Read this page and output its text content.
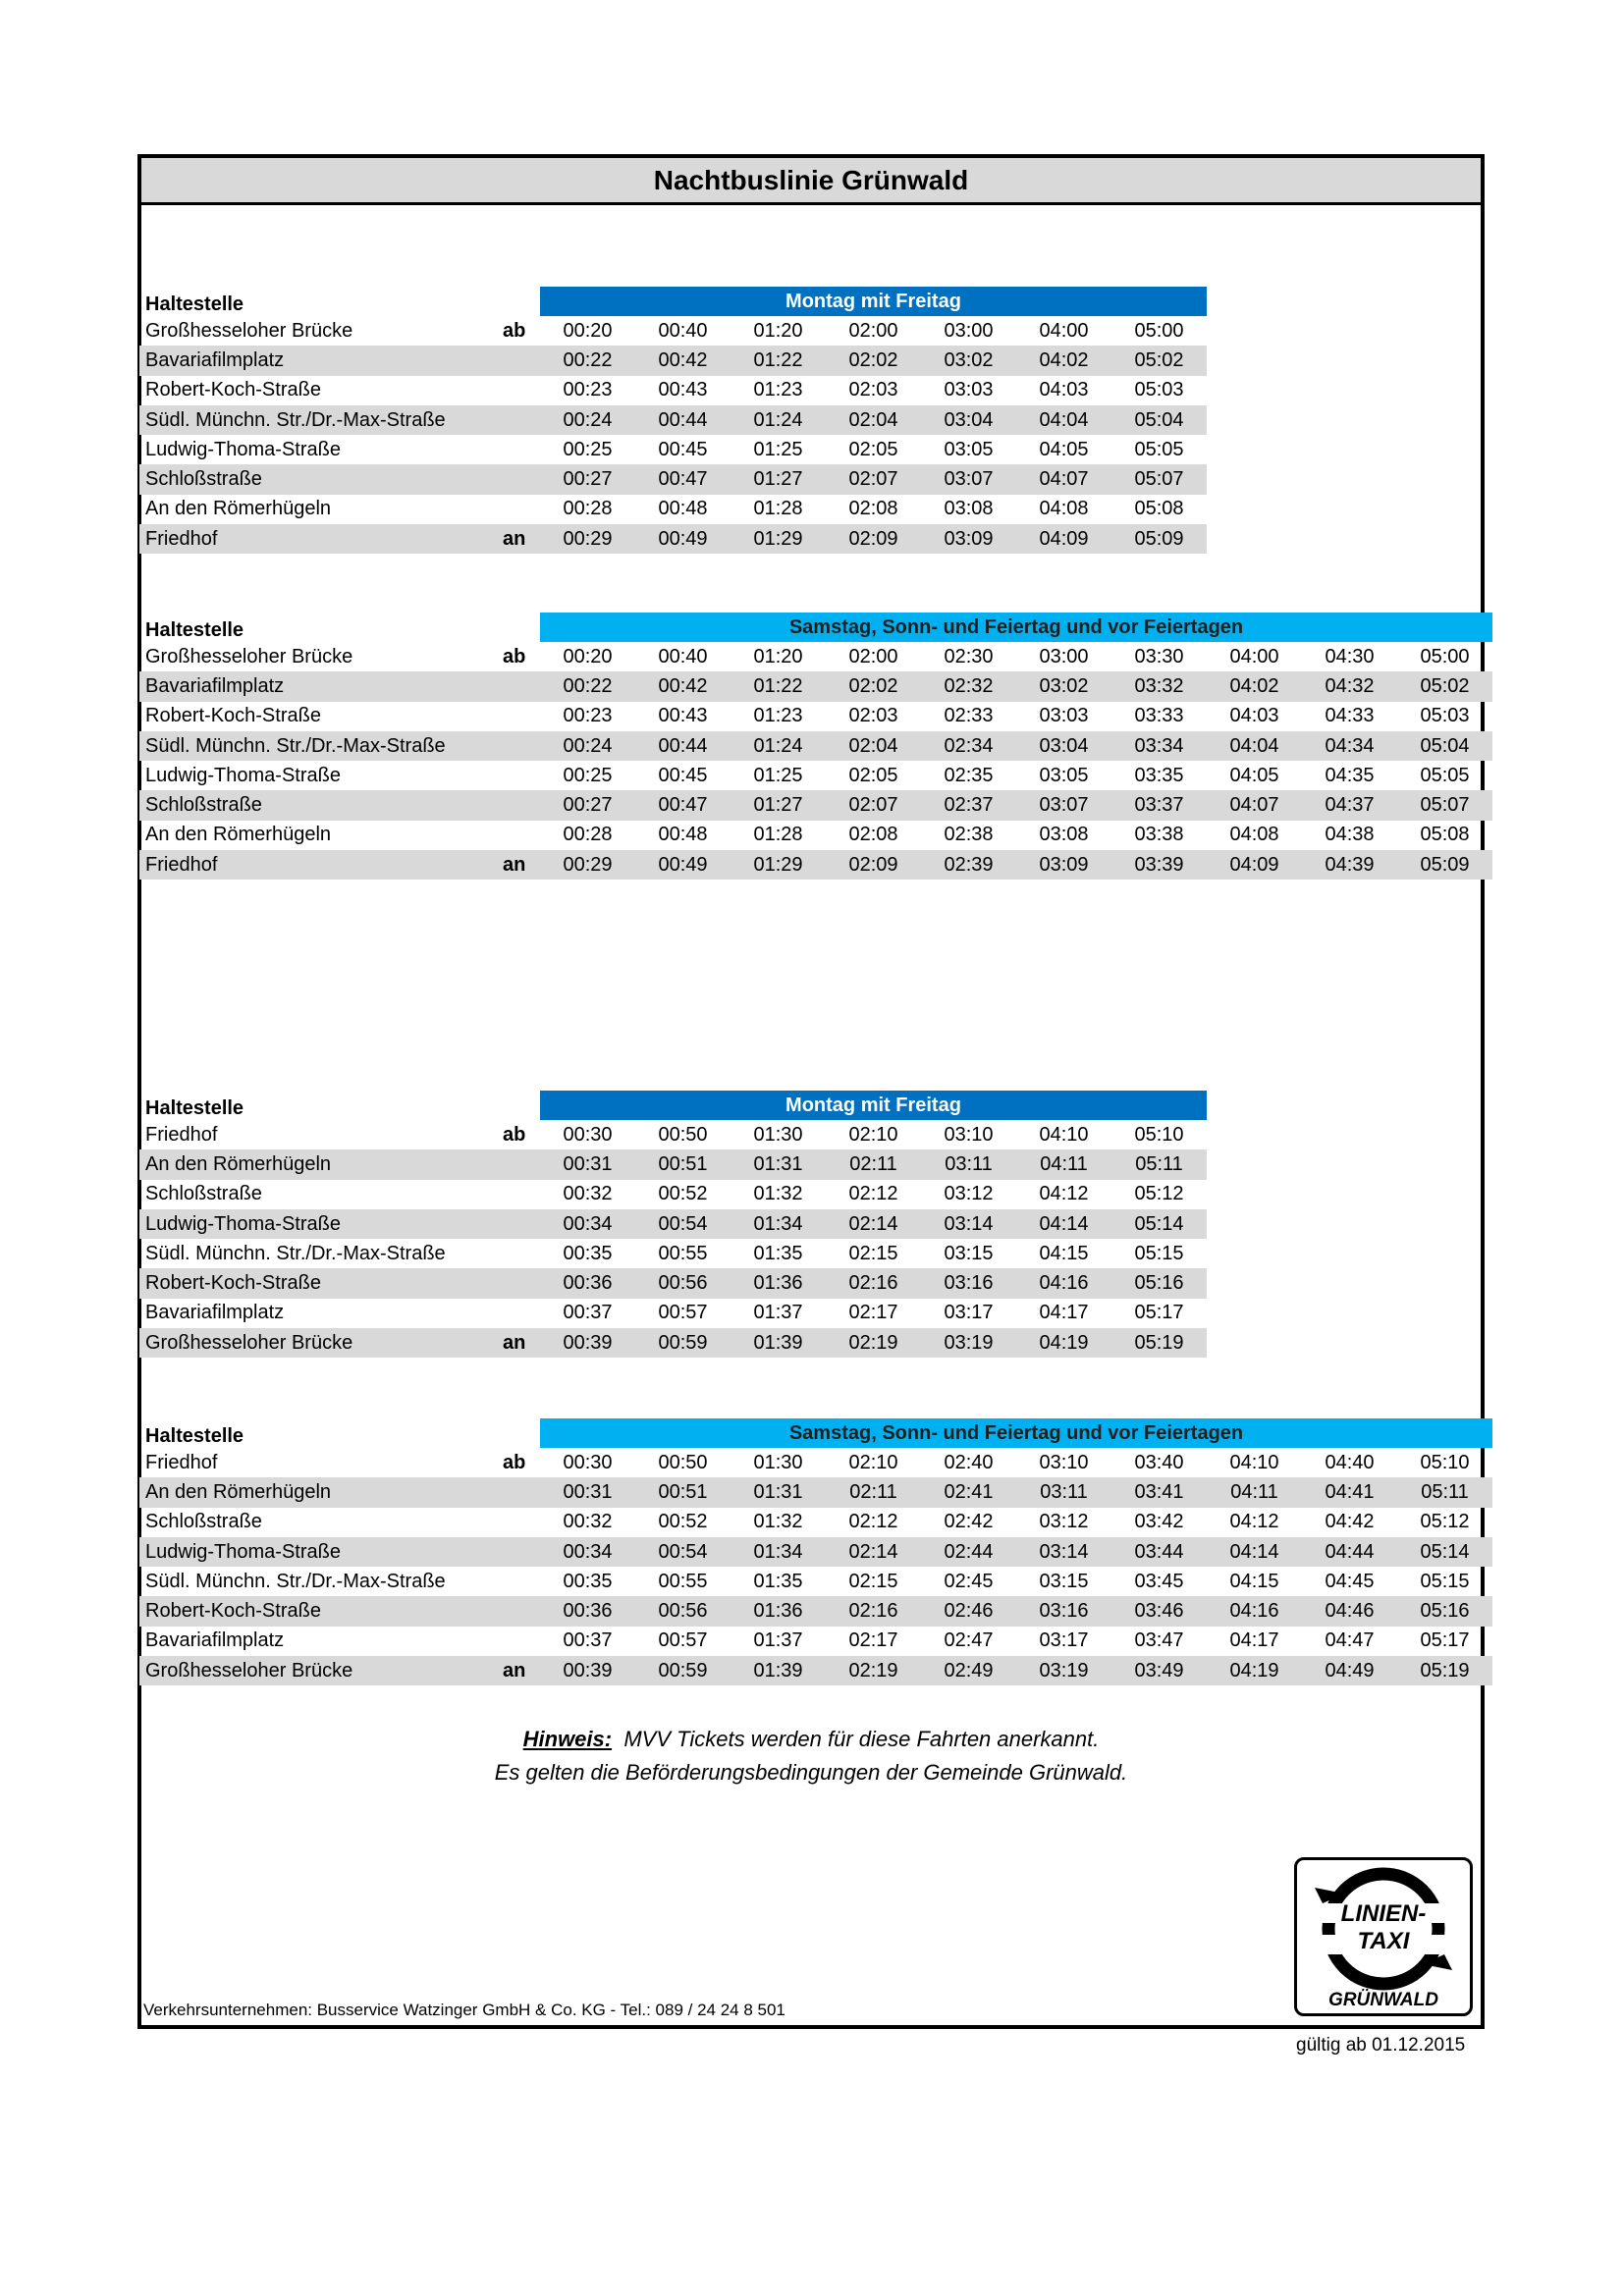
Nachtbuslinie Grünwald
Haltestelle	Montag mit Freitag
Großhesseloher Brücke	ab	00:20	00:40	01:20	02:00	03:00	04:00	05:00
Bavariafilmplatz	00:22	00:42	01:22	02:02	03:02	04:02	05:02
Robert-Koch-Straße	00:23	00:43	01:23	02:03	03:03	04:03	05:03
Südl. Münchn. Str./Dr.-Max-Straße	00:24	00:44	01:24	02:04	03:04	04:04	05:04
Ludwig-Thoma-Straße	00:25	00:45	01:25	02:05	03:05	04:05	05:05
Schloßstraße	00:27	00:47	01:27	02:07	03:07	04:07	05:07
An den Römerhügeln	00:28	00:48	01:28	02:08	03:08	04:08	05:08
Friedhof	an	00:29	00:49	01:29	02:09	03:09	04:09	05:09
Haltestelle	Samstag, Sonn- und Feiertag und vor Feiertagen
Großhesseloher Brücke	ab	00:20	00:40	01:20	02:00	02:30	03:00	03:30	04:00	04:30	05:00
Bavariafilmplatz	00:22	00:42	01:22	02:02	02:32	03:02	03:32	04:02	04:32	05:02
Robert-Koch-Straße	00:23	00:43	01:23	02:03	02:33	03:03	03:33	04:03	04:33	05:03
Südl. Münchn. Str./Dr.-Max-Straße	00:24	00:44	01:24	02:04	02:34	03:04	03:34	04:04	04:34	05:04
Ludwig-Thoma-Straße	00:25	00:45	01:25	02:05	02:35	03:05	03:35	04:05	04:35	05:05
Schloßstraße	00:27	00:47	01:27	02:07	02:37	03:07	03:37	04:07	04:37	05:07
An den Römerhügeln	00:28	00:48	01:28	02:08	02:38	03:08	03:38	04:08	04:38	05:08
Friedhof	an	00:29	00:49	01:29	02:09	02:39	03:09	03:39	04:09	04:39	05:09
Haltestelle	Montag mit Freitag
Friedhof	ab	00:30	00:50	01:30	02:10	03:10	04:10	05:10
An den Römerhügeln	00:31	00:51	01:31	02:11	03:11	04:11	05:11
Schloßstraße	00:32	00:52	01:32	02:12	03:12	04:12	05:12
Ludwig-Thoma-Straße	00:34	00:54	01:34	02:14	03:14	04:14	05:14
Südl. Münchn. Str./Dr.-Max-Straße	00:35	00:55	01:35	02:15	03:15	04:15	05:15
Robert-Koch-Straße	00:36	00:56	01:36	02:16	03:16	04:16	05:16
Bavariafilmplatz	00:37	00:57	01:37	02:17	03:17	04:17	05:17
Großhesseloher Brücke	an	00:39	00:59	01:39	02:19	03:19	04:19	05:19
Haltestelle	Samstag, Sonn- und Feiertag und vor Feiertagen
Friedhof	ab	00:30	00:50	01:30	02:10	02:40	03:10	03:40	04:10	04:40	05:10
An den Römerhügeln	00:31	00:51	01:31	02:11	02:41	03:11	03:41	04:11	04:41	05:11
Schloßstraße	00:32	00:52	01:32	02:12	02:42	03:12	03:42	04:12	04:42	05:12
Ludwig-Thoma-Straße	00:34	00:54	01:34	02:14	02:44	03:14	03:44	04:14	04:44	05:14
Südl. Münchn. Str./Dr.-Max-Straße	00:35	00:55	01:35	02:15	02:45	03:15	03:45	04:15	04:45	05:15
Robert-Koch-Straße	00:36	00:56	01:36	02:16	02:46	03:16	03:46	04:16	04:46	05:16
Bavariafilmplatz	00:37	00:57	01:37	02:17	02:47	03:17	03:47	04:17	04:47	05:17
Großhesseloher Brücke	an	00:39	00:59	01:39	02:19	02:49	03:19	03:49	04:19	04:49	05:19
Hinweis: MVV Tickets werden für diese Fahrten anerkannt.
Es gelten die Beförderungsbedingungen der Gemeinde Grünwald.
LINIEN-
TAXI
GRÜNWALD
Verkehrsunternehmen: Busservice Watzinger GmbH & Co. KG - Tel.: 089 / 24 24 8 501
gültig ab 01.12.2015
